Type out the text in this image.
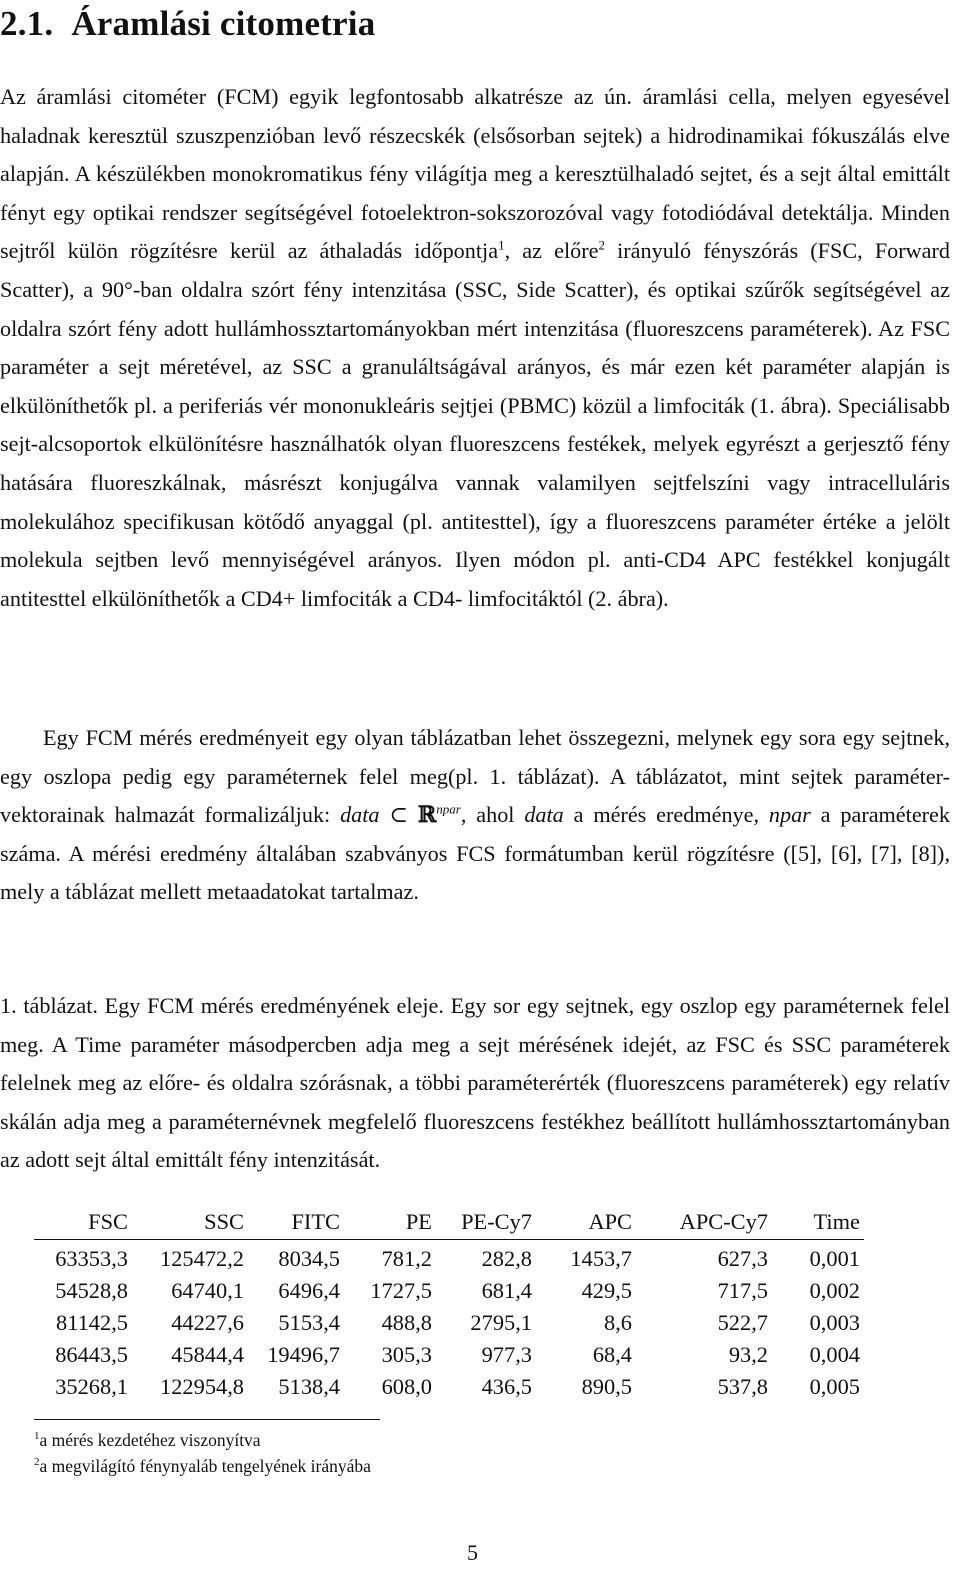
2.1. Áramlási citometria

Az áramlási citométer (FCM) egyik legfontosabb alkatrésze az ún. áramlási cella, melyen egyesével haladnak keresztül szuszpenzióban levő részecskék (elsősorban sejtek) a hidrodinamikai fókuszálás elve alapján. A készülékben monokromatikus fény világítja meg a keresztülhaladó sejtet, és a sejt által emittált fényt egy optikai rendszer segítségével fotoelektron-sokszorozóval vagy fotodiódával detektálja. Minden sejtről külön rögzítésre kerül az áthaladás időpontja$^1$, az előre$^2$ irányuló fényszórás (FSC, Forward Scatter), a 90°-ban oldalra szórt fény intenzitása (SSC, Side Scatter), és optikai szűrők segítségével az oldalra szórt fény adott hullámhossztartományokban mért intenzitása (fluoreszcens paraméterek). Az FSC paraméter a sejt méretével, az SSC a granuláltságával arányos, és már ezen két paraméter alapján is elkülöníthetők pl. a periferiás vér mononukleáris sejtjei (PBMC) közül a limfociták (1. ábra). Speciálisabb sejt-alcsoportok elkülönítésre használhatók olyan fluoreszcens festékek, melyek egyrészt a gerjesztő fény hatására fluoreszkálnak, másrészt konjugálva vannak valamilyen sejtfelszíni vagy intracelluláris molekulához specifikusan kötődő anyaggal (pl. antitesttel), így a fluoreszcens paraméter értéke a jelölt molekula sejtben levő mennyiségével arányos. Ilyen módon pl. anti-CD4 APC festékkel konjugált antitesttel elkülöníthetők a CD4+ limfociták a CD4- limfocitáktól (2. ábra).

Egy FCM mérés eredményeit egy olyan táblázatban lehet összegezni, melynek egy sora egy sejtnek, egy oszlopa pedig egy paraméternek felel meg(pl. 1. táblázat). A táblázatot, mint sejtek paraméter-vektorainak halmazát formalizáljuk: data ⊂ ℝ$^{npar}$, ahol data a mérés eredménye, npar a paraméterek száma. A mérési eredmény általában szabványos FCS formátumban kerül rögzítésre ([5], [6], [7], [8]), mely a táblázat mellett metaadatokat tartalmaz.

1. táblázat. Egy FCM mérés eredményének eleje. Egy sor egy sejtnek, egy oszlop egy paraméternek felel meg. A Time paraméter másodpercben adja meg a sejt mérésének idejét, az FSC és SSC paraméterek felelnek meg az előre- és oldalra szórásnak, a többi paraméterérték (fluoreszcens paraméterek) egy relatív skálán adja meg a paraméternévnek megfelelő fluoreszcens festékhez beállított hullámhossztartományban az adott sejt által emittált fény intenzitását.

FSC	SSC	FITC	PE	PE-Cy7	APC	APC-Cy7	Time
63353,3	125472,2	8034,5	781,2	282,8	1453,7	627,3	0,001
54528,8	64740,1	6496,4	1727,5	681,4	429,5	717,5	0,002
81142,5	44227,6	5153,4	488,8	2795,1	8,6	522,7	0,003
86443,5	45844,4	19496,7	305,3	977,3	68,4	93,2	0,004
35268,1	122954,8	5138,4	608,0	436,5	890,5	537,8	0,005
$^1$a mérés kezdetéhez viszonyítva
$^2$a megvilágító fénynyaláb tengelyének irányába
5
